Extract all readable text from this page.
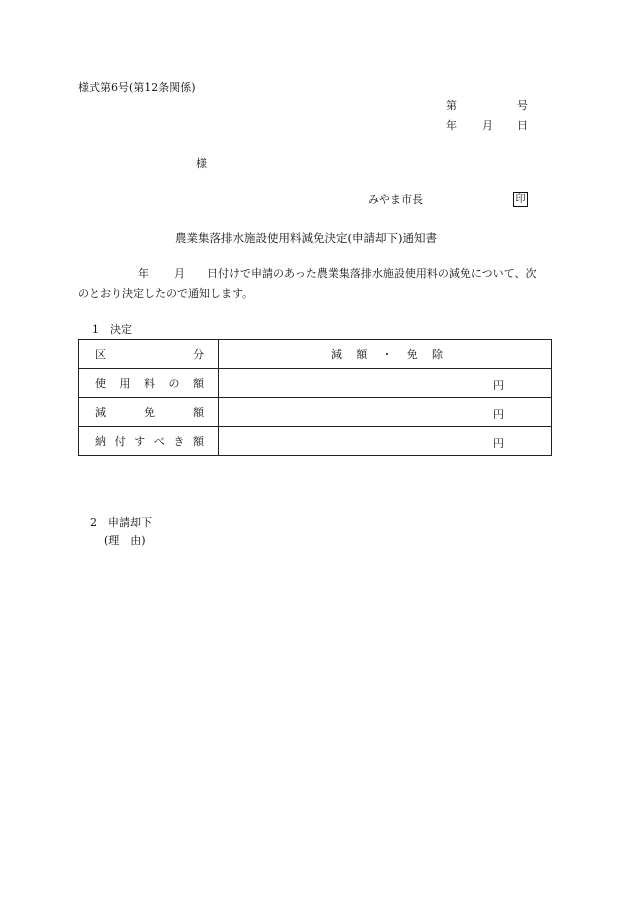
様式第6号(第12条関係)
第	号
年 月 日
様
みやま市長	印
農業集落排水施設使用料減免決定(申請却下)通知書
年 月 日付けで申請のあった農業集落排水施設使用料の減免について、次
のとおり決定したので通知します。
1　決定
区分	減額・免除
使用料の額	円

減免額	円

納付すべき額	円
2　申請却下
(理　由)
